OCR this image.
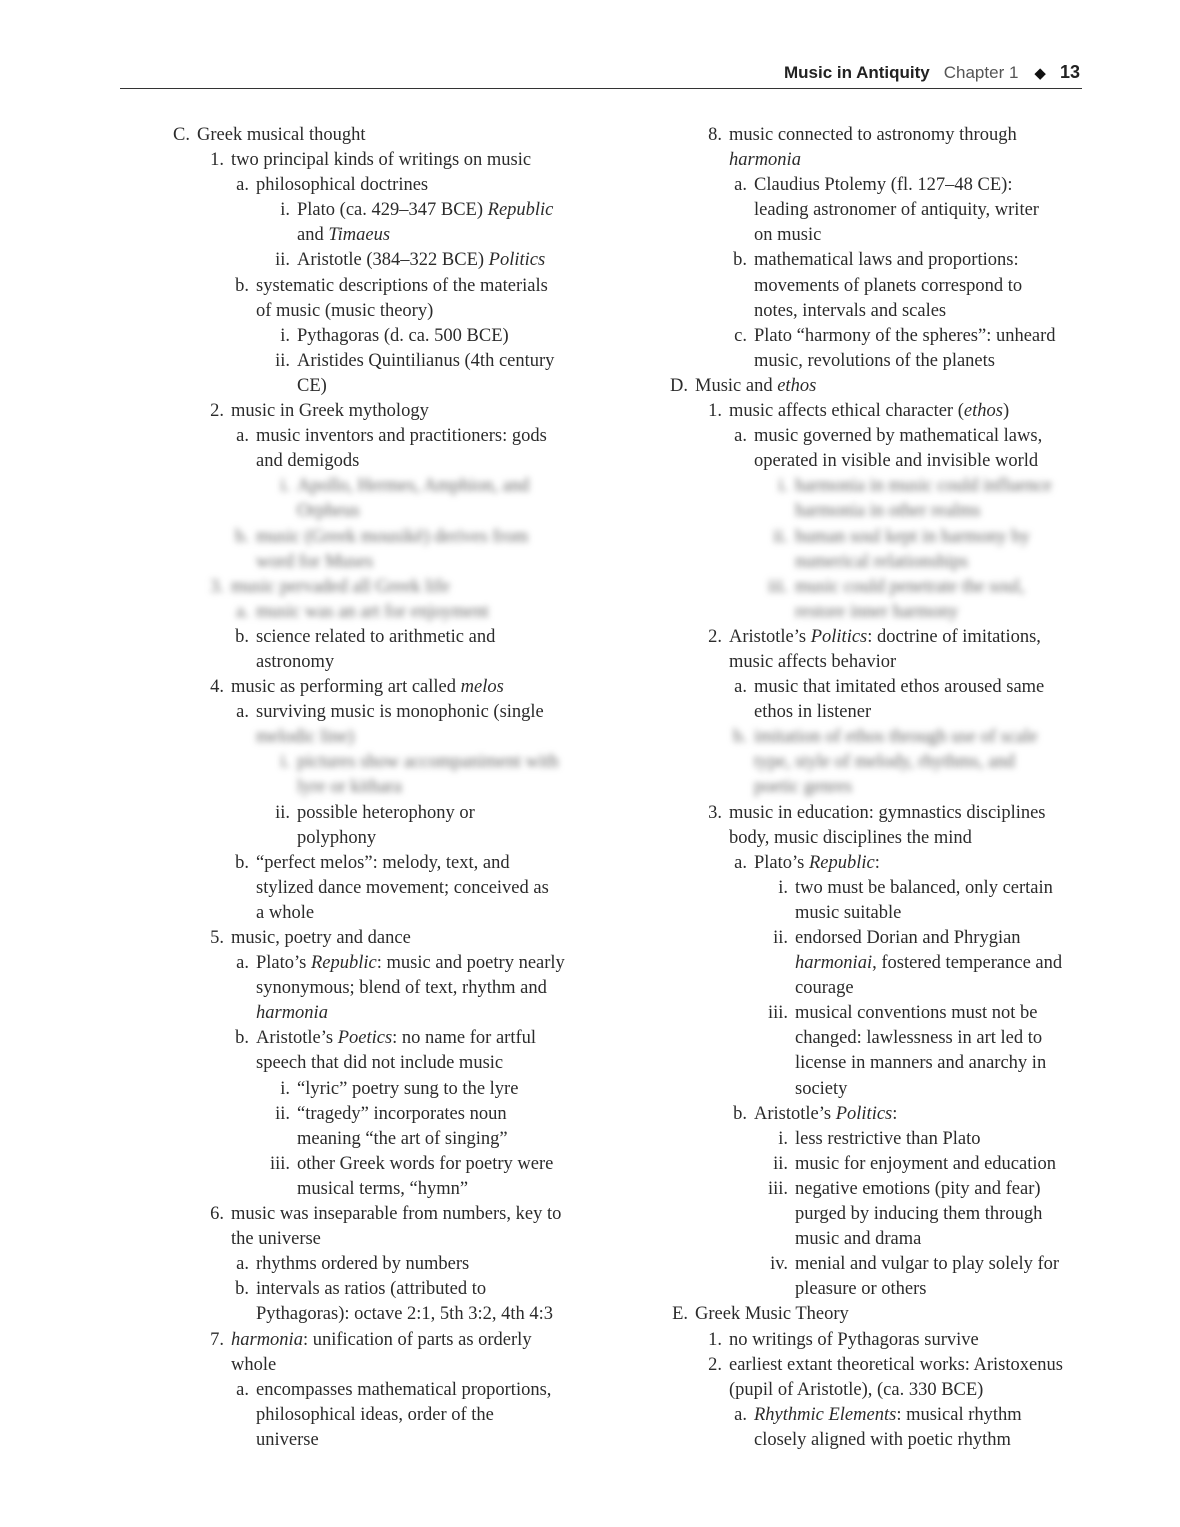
Music in Antiquity Chapter 1 ◆ 13
C. Greek musical thought
1. two principal kinds of writings on music
a. philosophical doctrines
i. Plato (ca. 429–347 BCE) Republic
and Timaeus
ii. Aristotle (384–322 BCE) Politics
b. systematic descriptions of the materials
of music (music theory)
i. Pythagoras (d. ca. 500 BCE)
ii. Aristides Quintilianus (4th century
CE)
2. music in Greek mythology
a. music inventors and practitioners: gods
and demigods
i. Apollo, Hermes, Amphion, and
Orpheus
b. music (Greek mousikē) derives from
word for Muses
3. music pervaded all Greek life
a. music was an art for enjoyment
b. science related to arithmetic and
astronomy
4. music as performing art called melos
a. surviving music is monophonic (single
melodic line)
i. pictures show accompaniment with
lyre or kithara
ii. possible heterophony or
polyphony
b. “perfect melos”: melody, text, and
stylized dance movement; conceived as
a whole
5. music, poetry and dance
a. Plato’s Republic: music and poetry nearly
synonymous; blend of text, rhythm and
harmonia
b. Aristotle’s Poetics: no name for artful
speech that did not include music
i. “lyric” poetry sung to the lyre
ii. “tragedy” incorporates noun
meaning “the art of singing”
iii. other Greek words for poetry were
musical terms, “hymn”
6. music was inseparable from numbers, key to
the universe
a. rhythms ordered by numbers
b. intervals as ratios (attributed to
Pythagoras): octave 2:1, 5th 3:2, 4th 4:3
7. harmonia: unification of parts as orderly
whole
a. encompasses mathematical proportions,
philosophical ideas, order of the
universe
8. music connected to astronomy through
harmonia
a. Claudius Ptolemy (fl. 127–48 CE):
leading astronomer of antiquity, writer
on music
b. mathematical laws and proportions:
movements of planets correspond to
notes, intervals and scales
c. Plato “harmony of the spheres”: unheard
music, revolutions of the planets
D. Music and ethos
1. music affects ethical character (ethos)
a. music governed by mathematical laws,
operated in visible and invisible world
i. harmonia in music could influence
harmonia in other realms
ii. human soul kept in harmony by
numerical relationships
iii. music could penetrate the soul,
restore inner harmony
2. Aristotle’s Politics: doctrine of imitations,
music affects behavior
a. music that imitated ethos aroused same
ethos in listener
b. imitation of ethos through use of scale
type, style of melody, rhythms, and
poetic genres
3. music in education: gymnastics disciplines
body, music disciplines the mind
a. Plato’s Republic:
i. two must be balanced, only certain
music suitable
ii. endorsed Dorian and Phrygian
harmoniai, fostered temperance and
courage
iii. musical conventions must not be
changed: lawlessness in art led to
license in manners and anarchy in
society
b. Aristotle’s Politics:
i. less restrictive than Plato
ii. music for enjoyment and education
iii. negative emotions (pity and fear)
purged by inducing them through
music and drama
iv. menial and vulgar to play solely for
pleasure or others
E. Greek Music Theory
1. no writings of Pythagoras survive
2. earliest extant theoretical works: Aristoxenus
(pupil of Aristotle), (ca. 330 BCE)
a. Rhythmic Elements: musical rhythm
closely aligned with poetic rhythm
